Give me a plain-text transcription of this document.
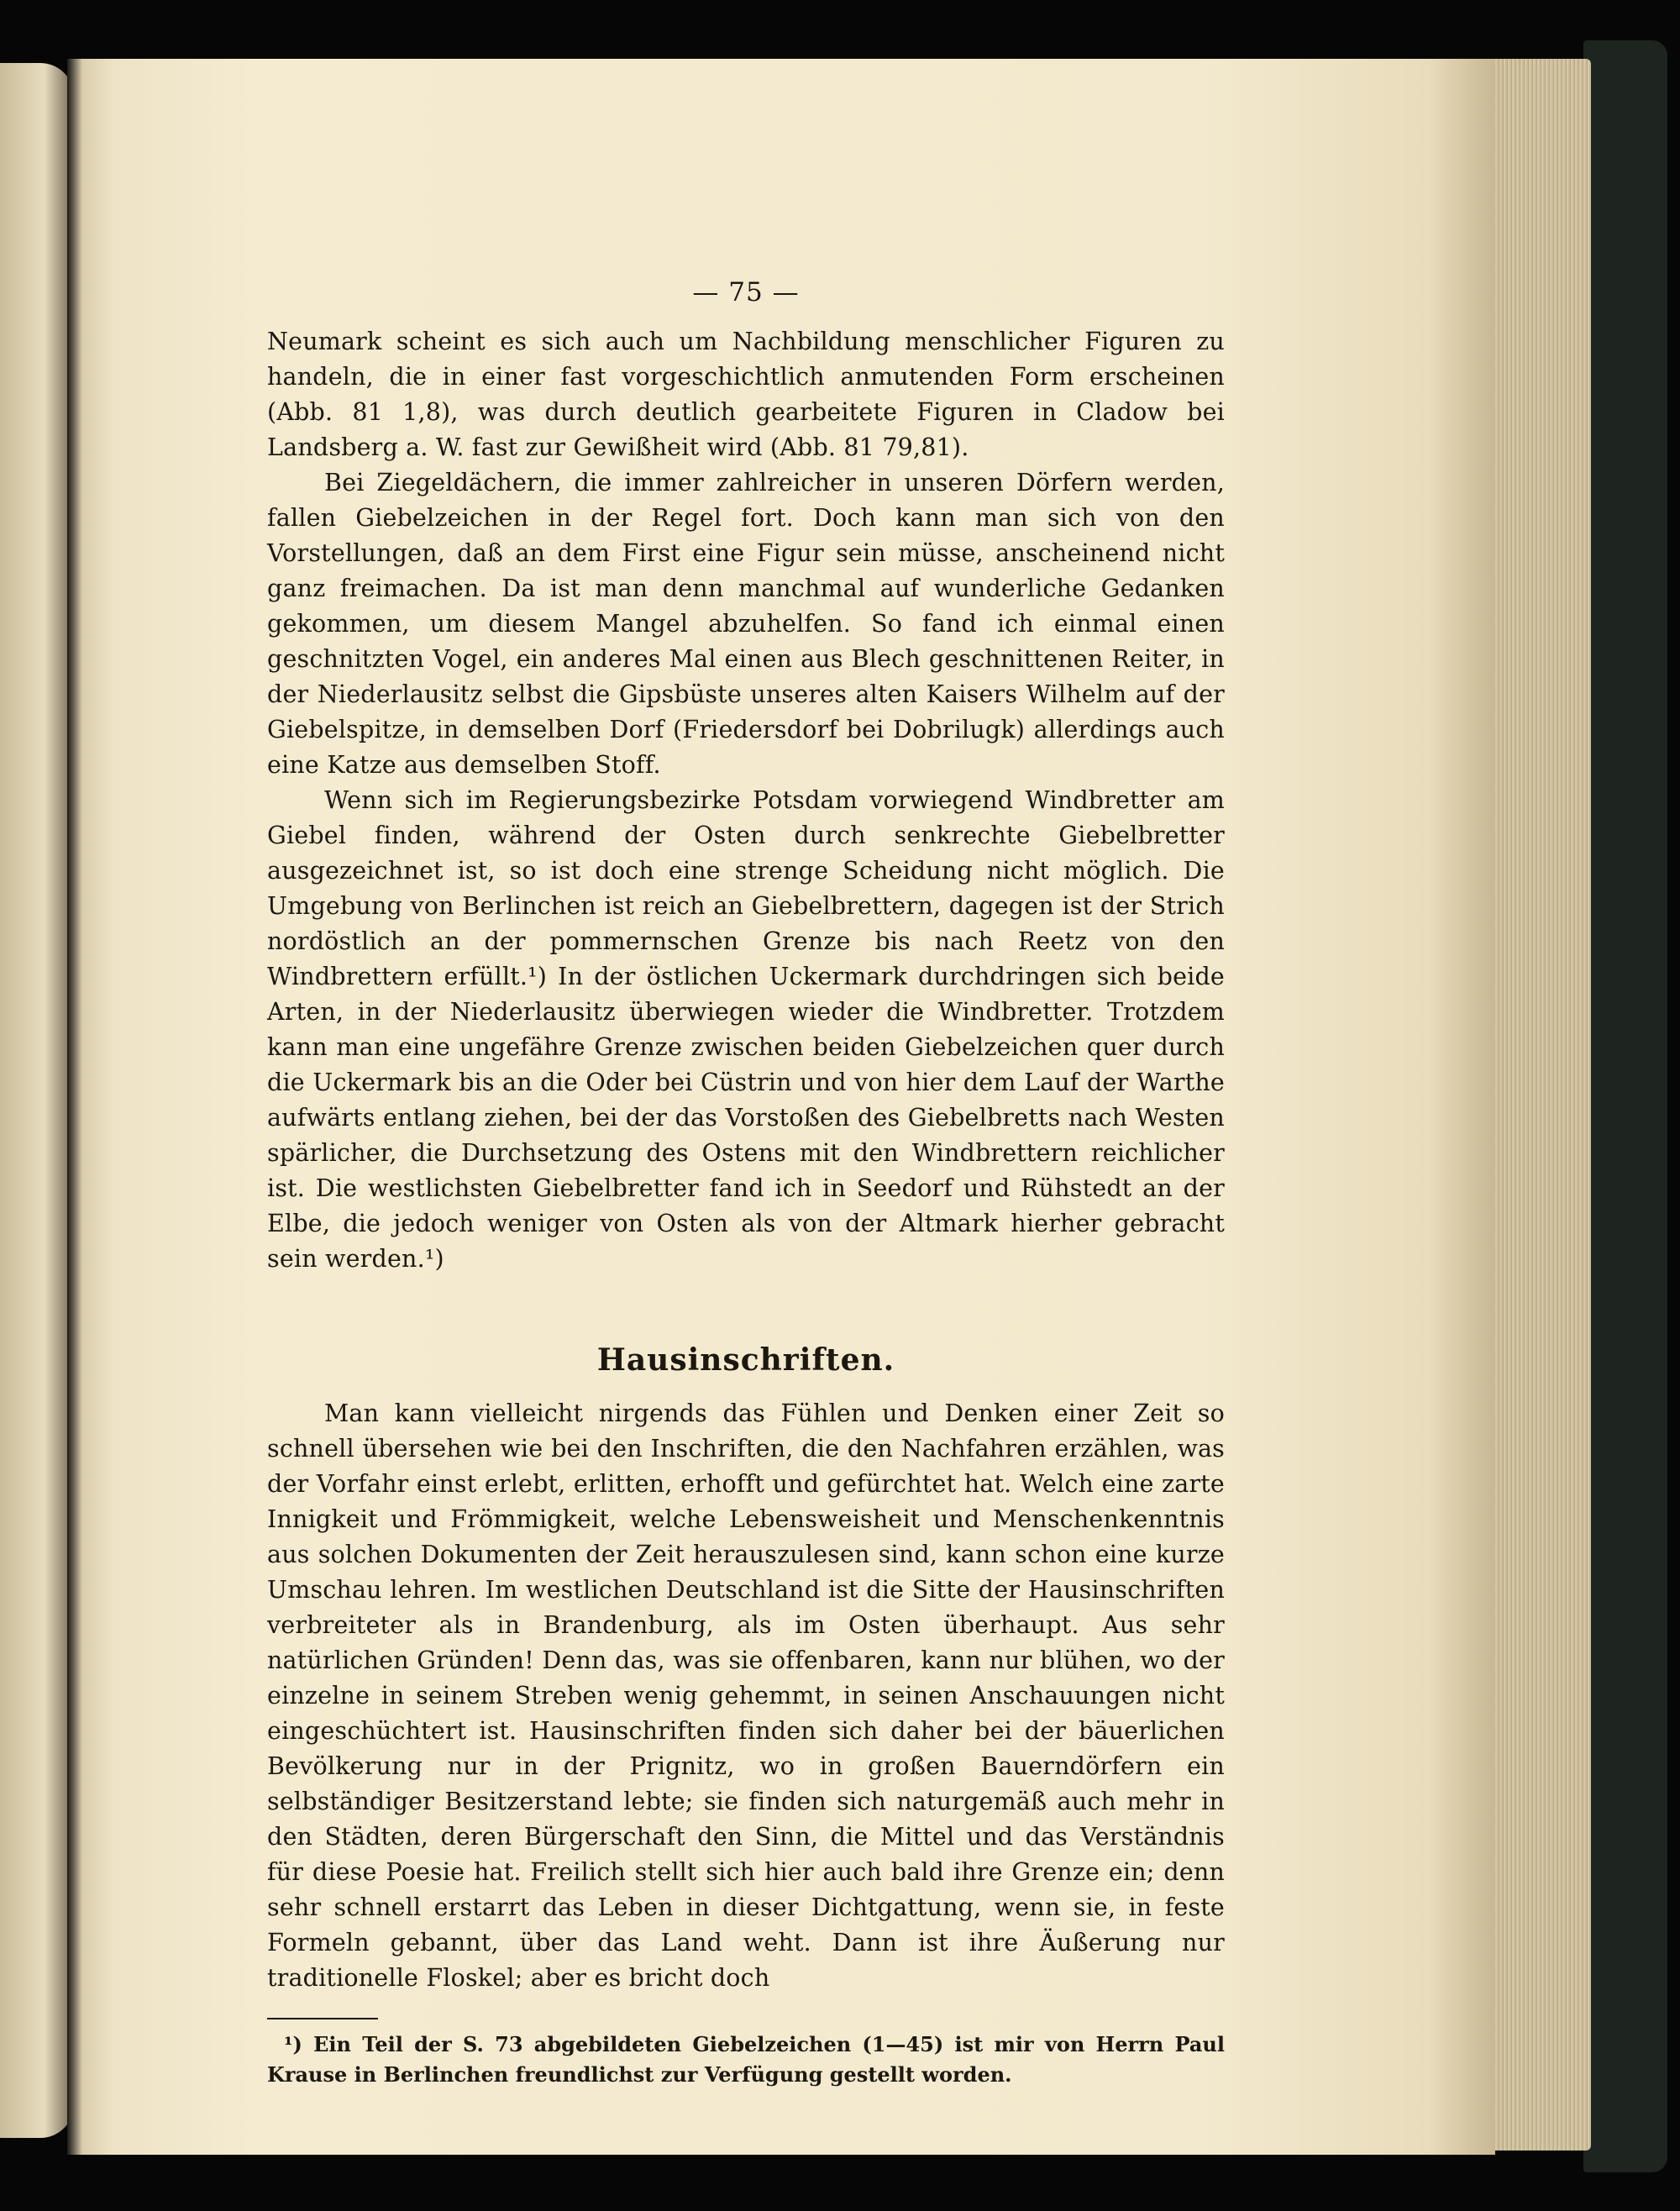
— 75 —

Neumark scheint es sich auch um Nachbildung menschlicher Figuren zu handeln, die in einer fast vorgeschichtlich anmutenden Form erscheinen (Abb. 81 1,8), was durch deutlich gearbeitete Figuren in Cladow bei Landsberg a. W. fast zur Gewißheit wird (Abb. 81 79,81).

Bei Ziegeldächern, die immer zahlreicher in unseren Dörfern werden, fallen Giebelzeichen in der Regel fort. Doch kann man sich von den Vorstellungen, daß an dem First eine Figur sein müsse, anscheinend nicht ganz freimachen. Da ist man denn manchmal auf wunderliche Gedanken gekommen, um diesem Mangel abzuhelfen. So fand ich einmal einen geschnitzten Vogel, ein anderes Mal einen aus Blech geschnittenen Reiter, in der Niederlausitz selbst die Gipsbüste unseres alten Kaisers Wilhelm auf der Giebelspitze, in demselben Dorf (Friedersdorf bei Dobrilugk) allerdings auch eine Katze aus demselben Stoff.

Wenn sich im Regierungsbezirke Potsdam vorwiegend Windbretter am Giebel finden, während der Osten durch senkrechte Giebelbretter ausgezeichnet ist, so ist doch eine strenge Scheidung nicht möglich. Die Umgebung von Berlinchen ist reich an Giebelbrettern, dagegen ist der Strich nordöstlich an der pommernschen Grenze bis nach Reetz von den Windbrettern erfüllt.¹) In der östlichen Uckermark durchdringen sich beide Arten, in der Niederlausitz überwiegen wieder die Windbretter. Trotzdem kann man eine ungefähre Grenze zwischen beiden Giebelzeichen quer durch die Uckermark bis an die Oder bei Cüstrin und von hier dem Lauf der Warthe aufwärts entlang ziehen, bei der das Vorstoßen des Giebelbretts nach Westen spärlicher, die Durchsetzung des Ostens mit den Windbrettern reichlicher ist. Die westlichsten Giebelbretter fand ich in Seedorf und Rühstedt an der Elbe, die jedoch weniger von Osten als von der Altmark hierher gebracht sein werden.¹)

Hausinschriften.

Man kann vielleicht nirgends das Fühlen und Denken einer Zeit so schnell übersehen wie bei den Inschriften, die den Nachfahren erzählen, was der Vorfahr einst erlebt, erlitten, erhofft und gefürchtet hat. Welch eine zarte Innigkeit und Frömmigkeit, welche Lebensweisheit und Menschenkenntnis aus solchen Dokumenten der Zeit herauszulesen sind, kann schon eine kurze Umschau lehren. Im westlichen Deutschland ist die Sitte der Hausinschriften verbreiteter als in Brandenburg, als im Osten überhaupt. Aus sehr natürlichen Gründen! Denn das, was sie offenbaren, kann nur blühen, wo der einzelne in seinem Streben wenig gehemmt, in seinen Anschauungen nicht eingeschüchtert ist. Hausinschriften finden sich daher bei der bäuerlichen Bevölkerung nur in der Prignitz, wo in großen Bauerndörfern ein selbständiger Besitzerstand lebte; sie finden sich naturgemäß auch mehr in den Städten, deren Bürgerschaft den Sinn, die Mittel und das Verständnis für diese Poesie hat. Freilich stellt sich hier auch bald ihre Grenze ein; denn sehr schnell erstarrt das Leben in dieser Dichtgattung, wenn sie, in feste Formeln gebannt, über das Land weht. Dann ist ihre Äußerung nur traditionelle Floskel; aber es bricht doch

¹) Ein Teil der S. 73 abgebildeten Giebelzeichen (1—45) ist mir von Herrn Paul Krause in Berlinchen freundlichst zur Verfügung gestellt worden.
